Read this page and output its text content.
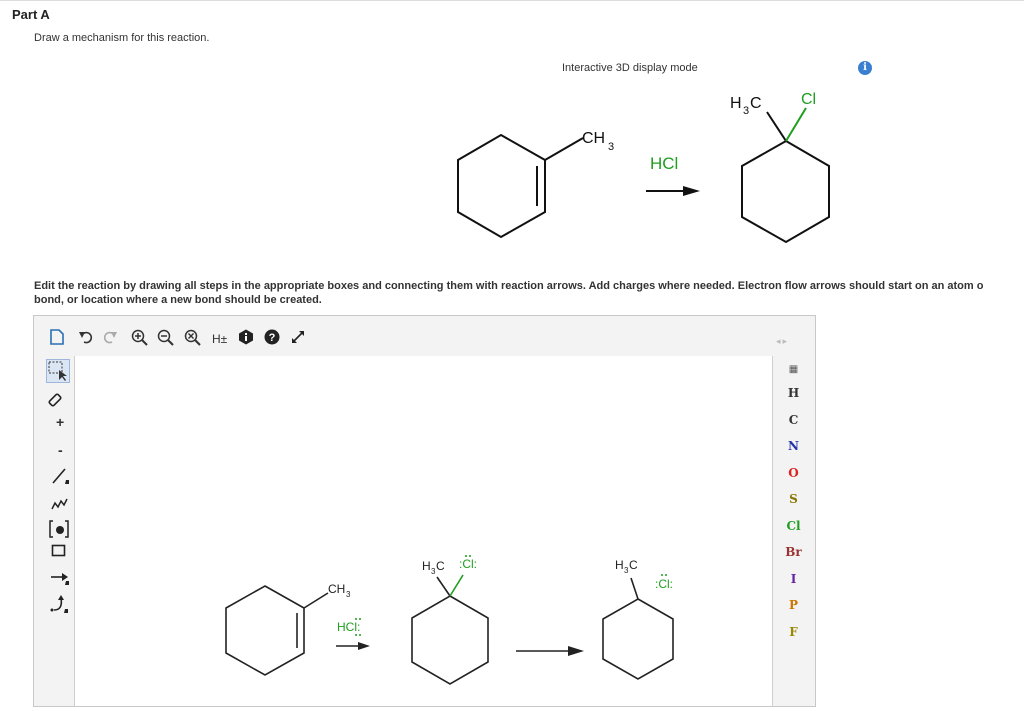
Part A
Draw a mechanism for this reaction.
Interactive 3D display mode	i
CH 3
HCl
H 3 C Cl
Edit the reaction by drawing all steps in the appropriate boxes and connecting them with reaction arrows. Add charges where needed. Electron flow arrows should start on an atom o
bond, or location where a new bond should be created.
H±	?	◂▸
+
-
CH 3
HCl:
H 3 C :Cl:	H 3 C
:Cl:
▦
H
C
N
O
S
Cl
Br
I
P
F
